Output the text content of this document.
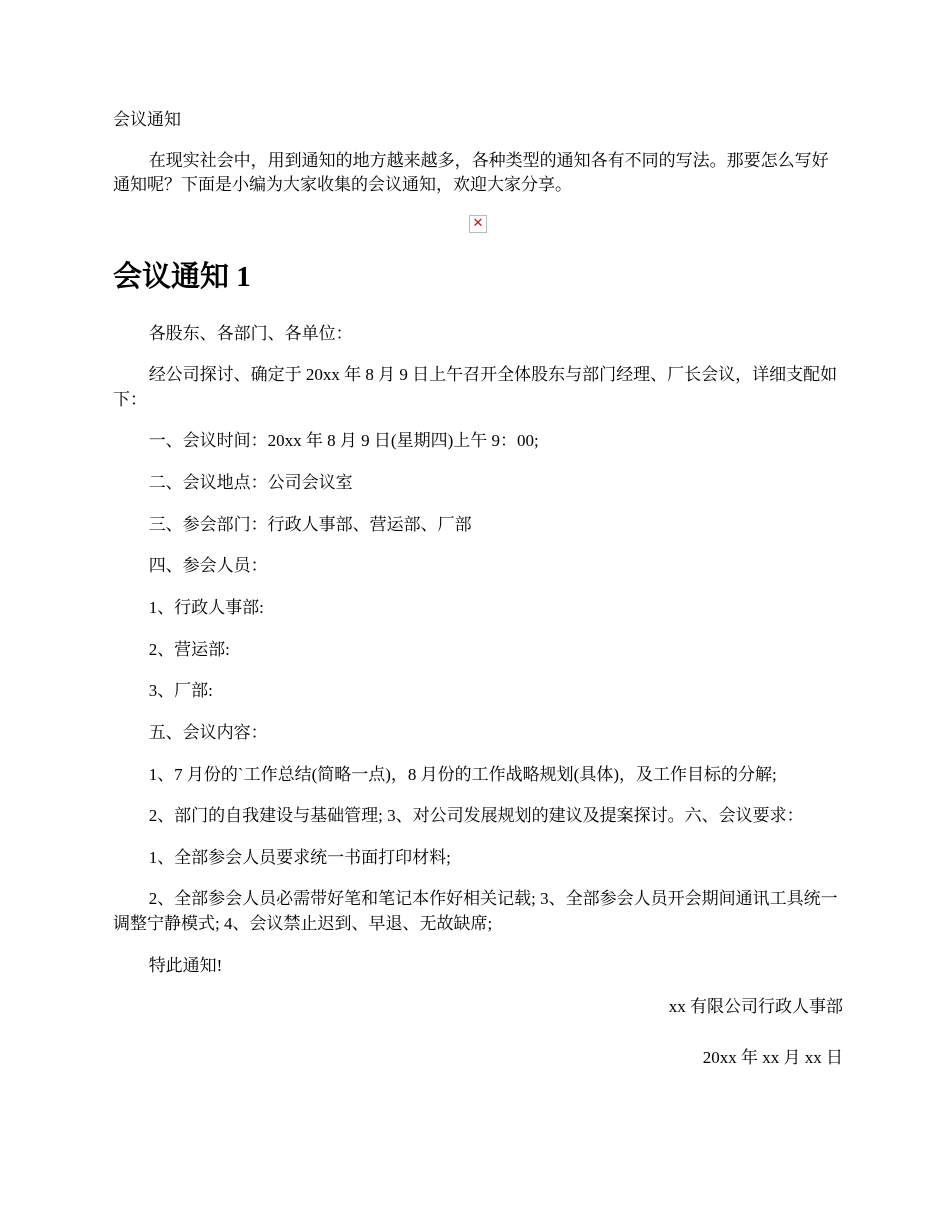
会议通知

在现实社会中，用到通知的地方越来越多，各种类型的通知各有不同的写法。那要怎么写好通知呢？下面是小编为大家收集的会议通知，欢迎大家分享。

✕
会议通知 1

各股东、各部门、各单位：

经公司探讨、确定于 20xx 年 8 月 9 日上午召开全体股东与部门经理、厂长会议，详细支配如下：

一、会议时间：20xx 年 8 月 9 日(星期四)上午 9：00;

二、会议地点：公司会议室

三、参会部门：行政人事部、营运部、厂部

四、参会人员：

1、行政人事部:

2、营运部:

3、厂部:

五、会议内容：

1、7 月份的`工作总结(简略一点)，8 月份的工作战略规划(具体)，及工作目标的分解;

2、部门的自我建设与基础管理; 3、对公司发展规划的建议及提案探讨。六、会议要求：

1、全部参会人员要求统一书面打印材料;

2、全部参会人员必需带好笔和笔记本作好相关记载; 3、全部参会人员开会期间通讯工具统一调整宁静模式; 4、会议禁止迟到、早退、无故缺席;

特此通知!

xx 有限公司行政人事部

20xx 年 xx 月 xx 日
